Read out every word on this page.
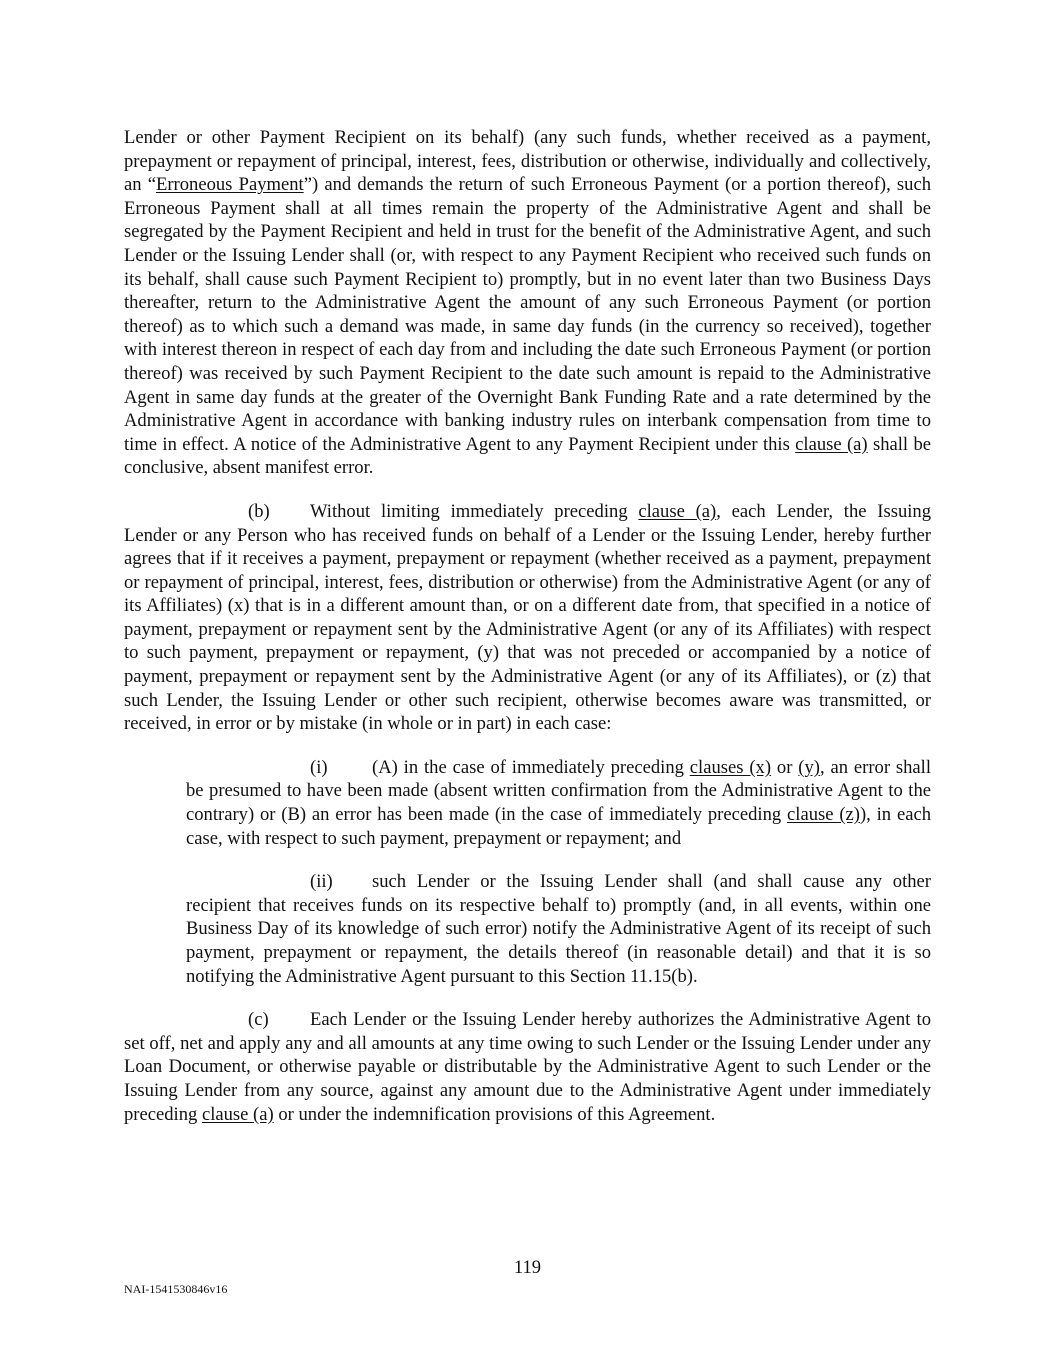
Lender or other Payment Recipient on its behalf) (any such funds, whether received as a payment, prepayment or repayment of principal, interest, fees, distribution or otherwise, individually and collectively, an “Erroneous Payment”) and demands the return of such Erroneous Payment (or a portion thereof), such Erroneous Payment shall at all times remain the property of the Administrative Agent and shall be segregated by the Payment Recipient and held in trust for the benefit of the Administrative Agent, and such Lender or the Issuing Lender shall (or, with respect to any Payment Recipient who received such funds on its behalf, shall cause such Payment Recipient to) promptly, but in no event later than two Business Days thereafter, return to the Administrative Agent the amount of any such Erroneous Payment (or portion thereof) as to which such a demand was made, in same day funds (in the currency so received), together with interest thereon in respect of each day from and including the date such Erroneous Payment (or portion thereof) was received by such Payment Recipient to the date such amount is repaid to the Administrative Agent in same day funds at the greater of the Overnight Bank Funding Rate and a rate determined by the Administrative Agent in accordance with banking industry rules on interbank compensation from time to time in effect. A notice of the Administrative Agent to any Payment Recipient under this clause (a) shall be conclusive, absent manifest error.

(b) Without limiting immediately preceding clause (a), each Lender, the Issuing Lender or any Person who has received funds on behalf of a Lender or the Issuing Lender, hereby further agrees that if it receives a payment, prepayment or repayment (whether received as a payment, prepayment or repayment of principal, interest, fees, distribution or otherwise) from the Administrative Agent (or any of its Affiliates) (x) that is in a different amount than, or on a different date from, that specified in a notice of payment, prepayment or repayment sent by the Administrative Agent (or any of its Affiliates) with respect to such payment, prepayment or repayment, (y) that was not preceded or accompanied by a notice of payment, prepayment or repayment sent by the Administrative Agent (or any of its Affiliates), or (z) that such Lender, the Issuing Lender or other such recipient, otherwise becomes aware was transmitted, or received, in error or by mistake (in whole or in part) in each case:

(i) (A) in the case of immediately preceding clauses (x) or (y), an error shall be presumed to have been made (absent written confirmation from the Administrative Agent to the contrary) or (B) an error has been made (in the case of immediately preceding clause (z)), in each case, with respect to such payment, prepayment or repayment; and

(ii) such Lender or the Issuing Lender shall (and shall cause any other recipient that receives funds on its respective behalf to) promptly (and, in all events, within one Business Day of its knowledge of such error) notify the Administrative Agent of its receipt of such payment, prepayment or repayment, the details thereof (in reasonable detail) and that it is so notifying the Administrative Agent pursuant to this Section 11.15(b).

(c) Each Lender or the Issuing Lender hereby authorizes the Administrative Agent to set off, net and apply any and all amounts at any time owing to such Lender or the Issuing Lender under any Loan Document, or otherwise payable or distributable by the Administrative Agent to such Lender or the Issuing Lender from any source, against any amount due to the Administrative Agent under immediately preceding clause (a) or under the indemnification provisions of this Agreement.

119
NAI-1541530846v16
